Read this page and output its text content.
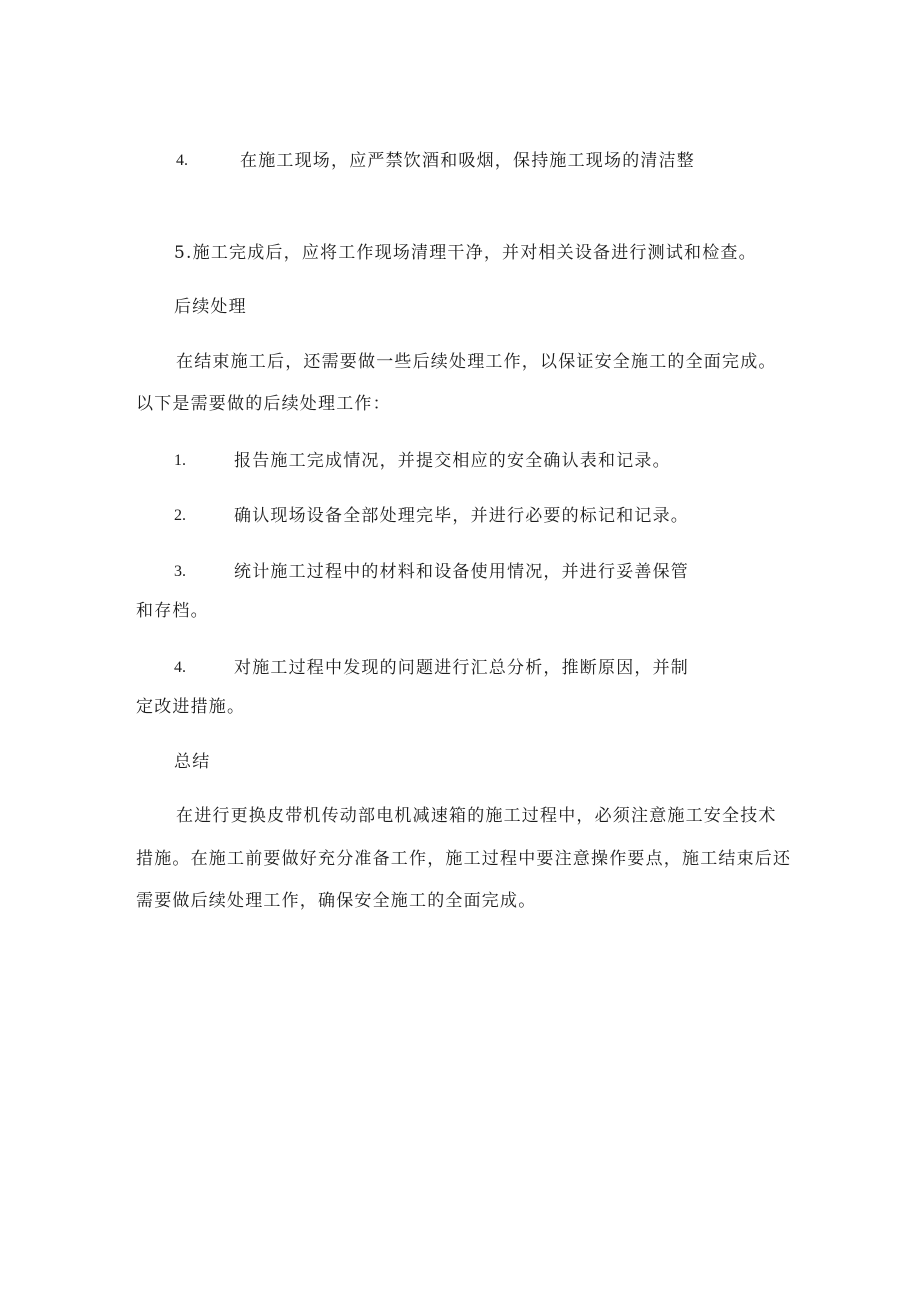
4.	在施工现场，应严禁饮酒和吸烟，保持施工现场的清洁整
5.施工完成后，应将工作现场清理干净，并对相关设备进行测试和检查。
后续处理
在结束施工后，还需要做一些后续处理工作，以保证安全施工的全面完成。
以下是需要做的后续处理工作：
1.	报告施工完成情况，并提交相应的安全确认表和记录。
2.	确认现场设备全部处理完毕，并进行必要的标记和记录。
3.	统计施工过程中的材料和设备使用情况，并进行妥善保管
和存档。
4.	对施工过程中发现的问题进行汇总分析，推断原因，并制
定改进措施。
总结
在进行更换皮带机传动部电机减速箱的施工过程中，必须注意施工安全技术
措施。在施工前要做好充分准备工作，施工过程中要注意操作要点，施工结束后还
需要做后续处理工作，确保安全施工的全面完成。
